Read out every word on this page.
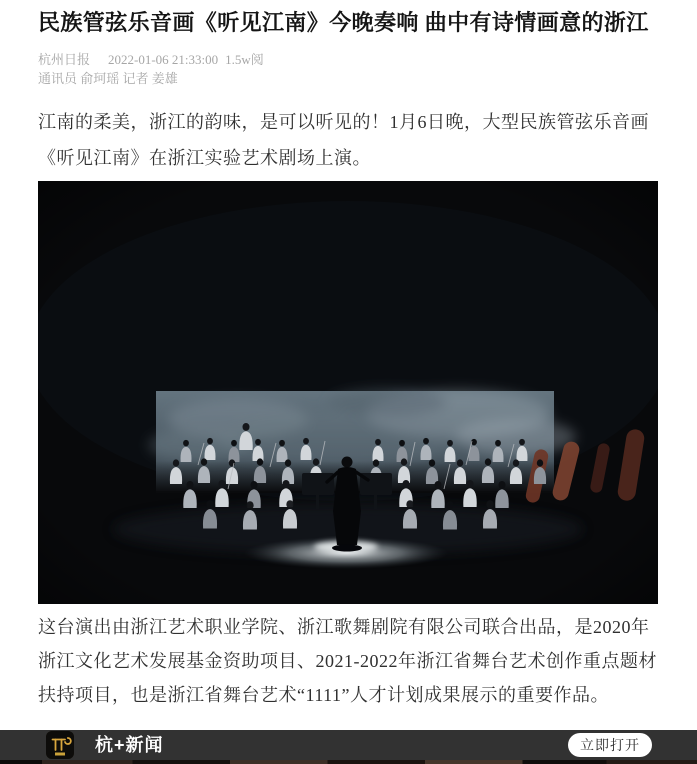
民族管弦乐音画《听见江南》今晚奏响 曲中有诗情画意的浙江
杭州日报 2022-01-06 21:33:00 1.5w阅
通讯员 俞珂瑶 记者 姜雄

江南的柔美，浙江的韵味，是可以听见的！1月6日晚，大型民族管弦乐音画《听见江南》在浙江实验艺术剧场上演。

这台演出由浙江艺术职业学院、浙江歌舞剧院有限公司联合出品，是2020年浙江文化艺术发展基金资助项目、2021-2022年浙江省舞台艺术创作重点题材扶持项目，也是浙江省舞台艺术“1111”人才计划成果展示的重要作品。

杭+新闻	立即打开
